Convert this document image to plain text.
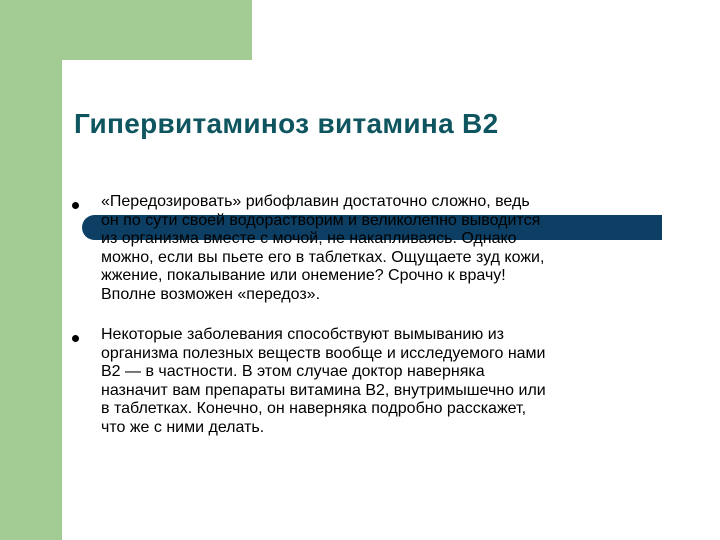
Гипервитаминоз витамина В2
«Передозировать» рибофлавин достаточно сложно, ведь
он по сути своей водорастворим и великолепно выводится
из организма вместе с мочой, не накапливаясь. Однако
можно, если вы пьете его в таблетках. Ощущаете зуд кожи,
жжение, покалывание или онемение? Срочно к врачу!
Вполне возможен «передоз».
Некоторые заболевания способствуют вымыванию из
организма полезных веществ вообще и исследуемого нами
В2 — в частности. В этом случае доктор наверняка
назначит вам препараты витамина В2, внутримышечно или
в таблетках. Конечно, он наверняка подробно расскажет,
что же с ними делать.
